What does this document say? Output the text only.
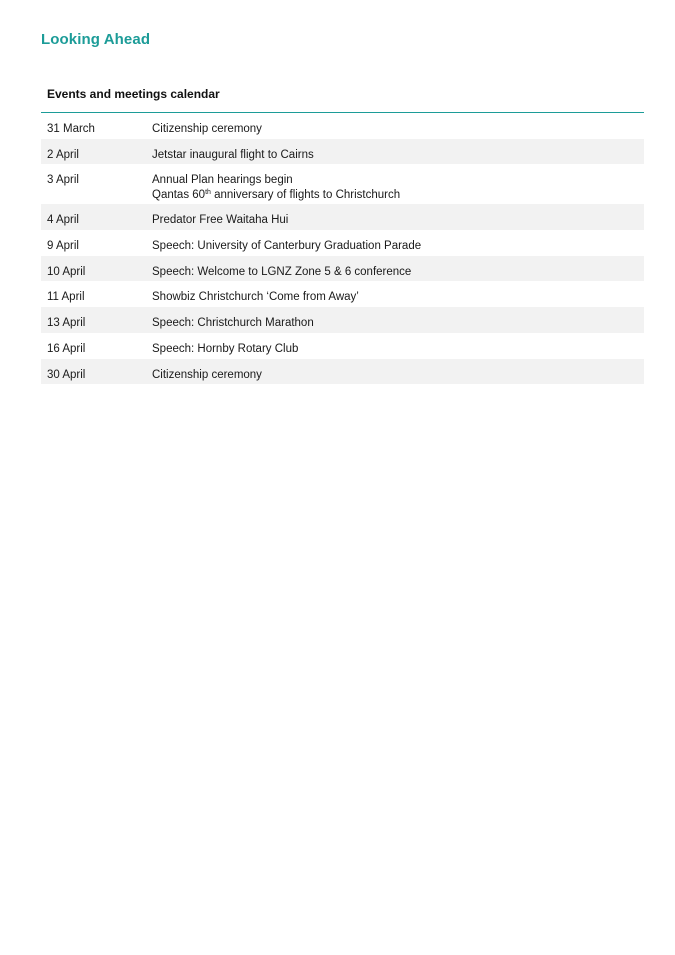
Looking Ahead
Events and meetings calendar
31 March	Citizenship ceremony
2 April	Jetstar inaugural flight to Cairns
3 April	Annual Plan hearings begin
Qantas 60th anniversary of flights to Christchurch
4 April	Predator Free Waitaha Hui
9 April	Speech: University of Canterbury Graduation Parade
10 April	Speech: Welcome to LGNZ Zone 5 & 6 conference
11 April	Showbiz Christchurch ‘Come from Away’
13 April	Speech: Christchurch Marathon
16 April	Speech: Hornby Rotary Club
30 April	Citizenship ceremony
